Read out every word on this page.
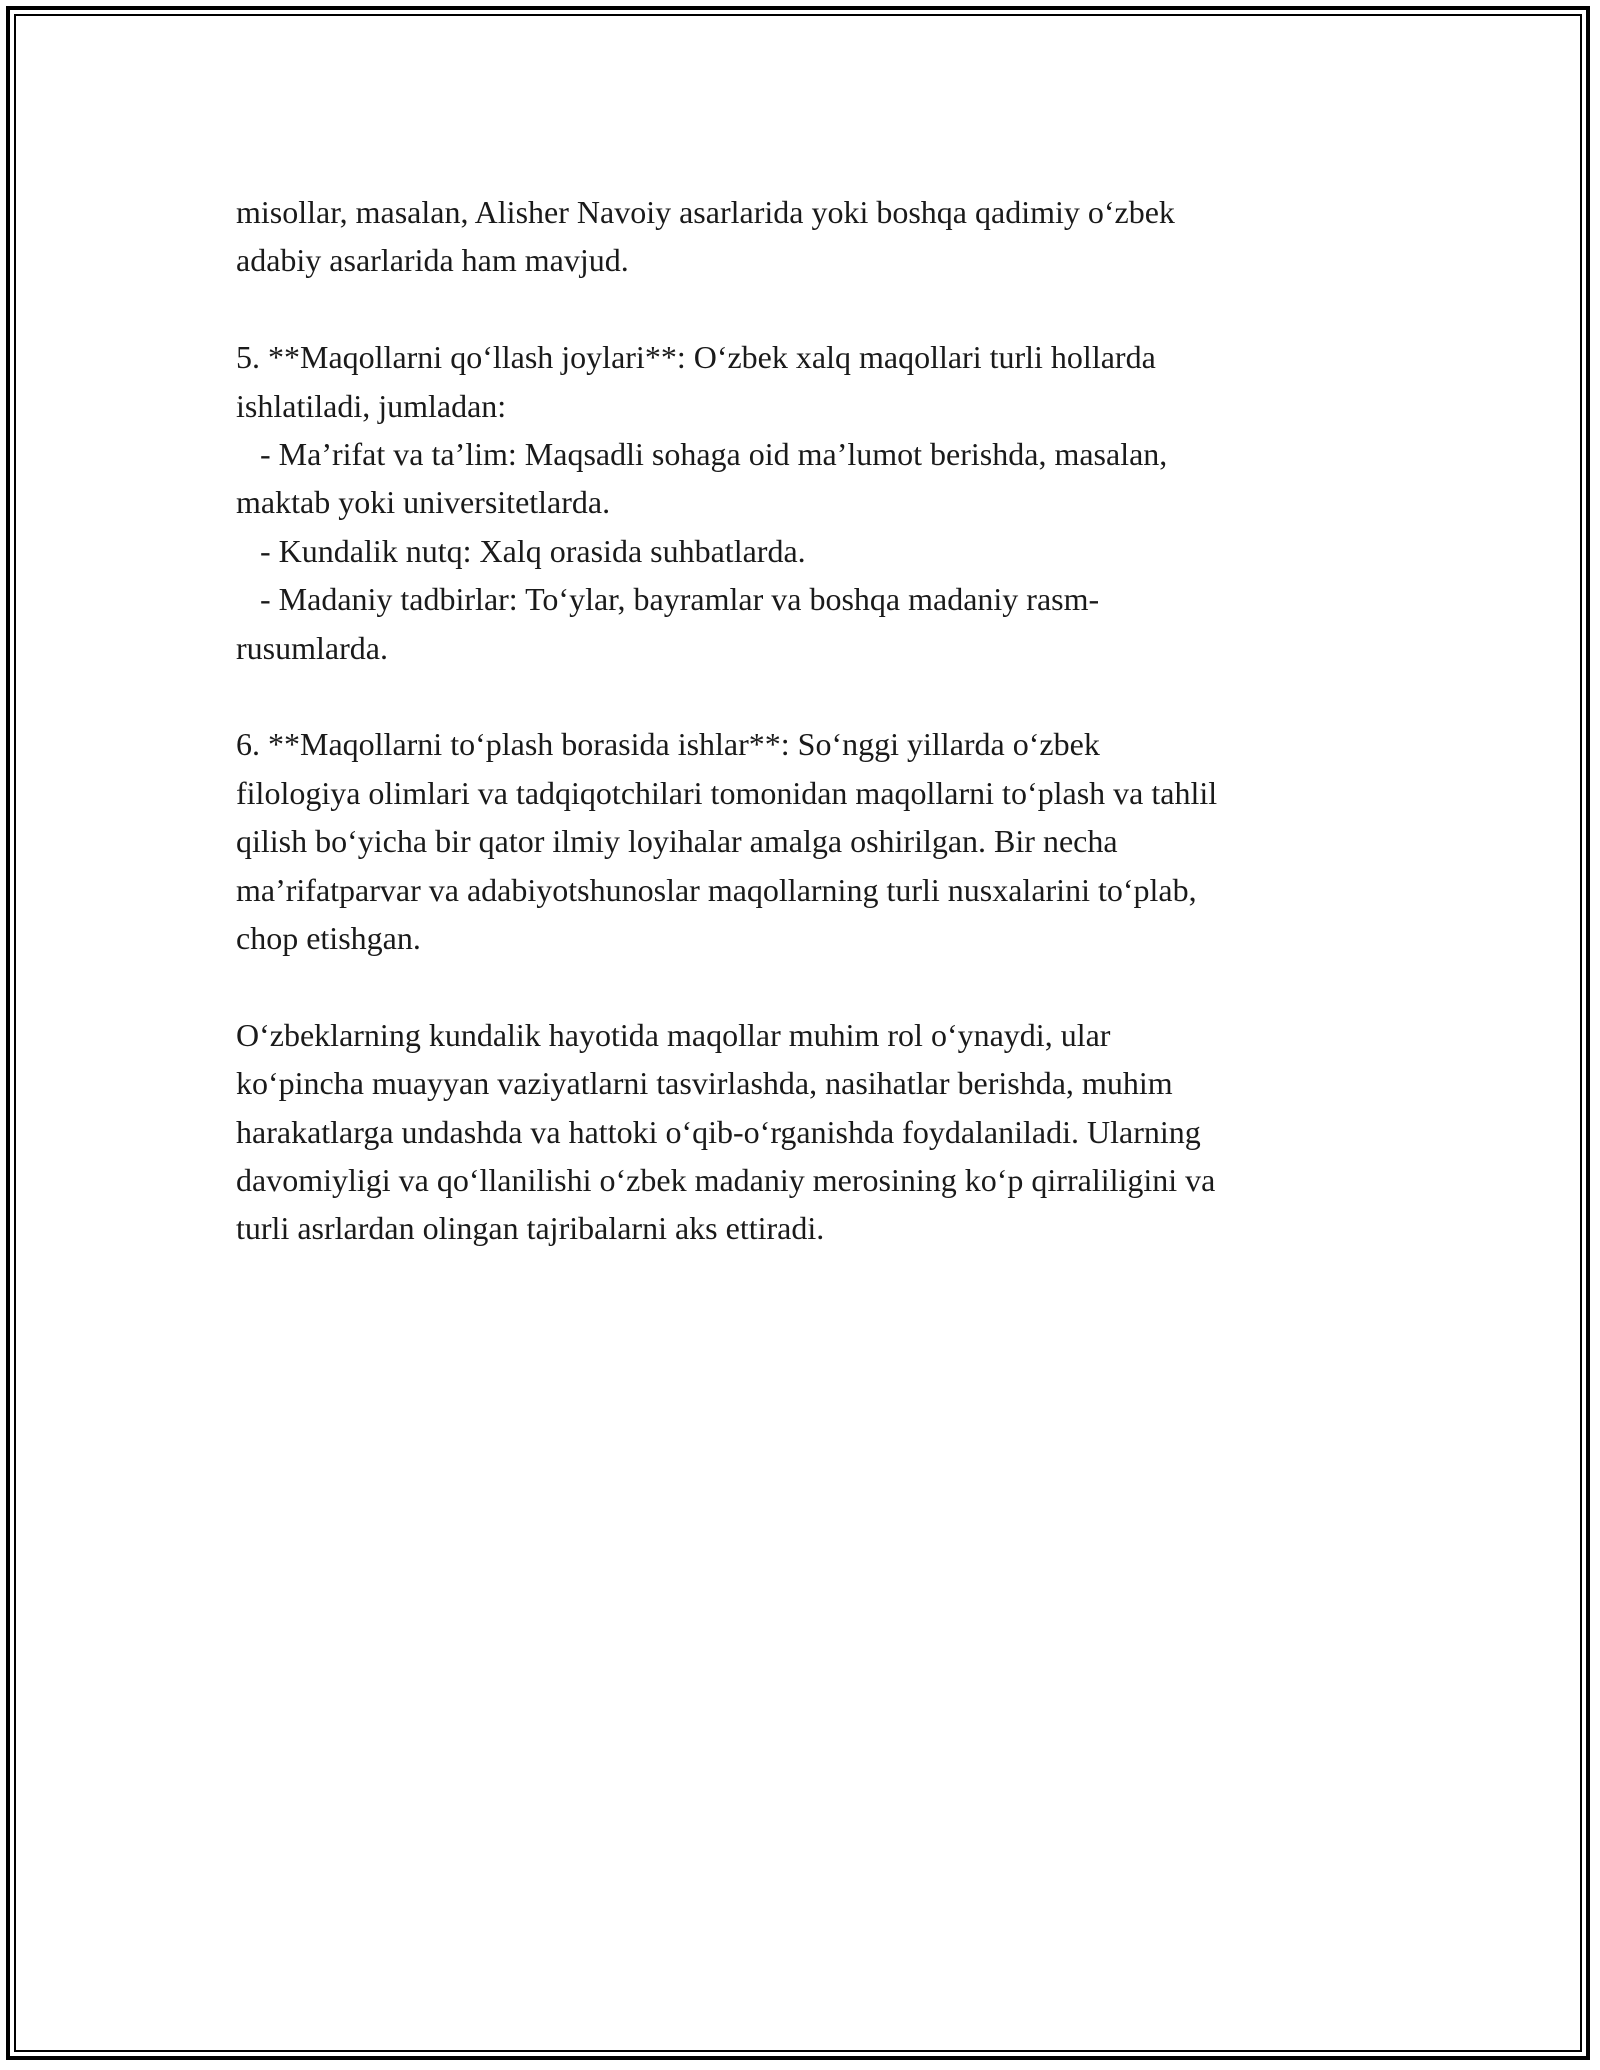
misollar, masalan, Alisher Navoiy asarlarida yoki boshqa qadimiy o‘zbek
adabiy asarlarida ham mavjud.

5. **Maqollarni qo‘llash joylari**: O‘zbek xalq maqollari turli hollarda
ishlatiladi, jumladan:
- Ma’rifat va ta’lim: Maqsadli sohaga oid ma’lumot berishda, masalan,
maktab yoki universitetlarda.
- Kundalik nutq: Xalq orasida suhbatlarda.
- Madaniy tadbirlar: To‘ylar, bayramlar va boshqa madaniy rasm-
rusumlarda.

6. **Maqollarni to‘plash borasida ishlar**: So‘nggi yillarda o‘zbek
filologiya olimlari va tadqiqotchilari tomonidan maqollarni to‘plash va tahlil
qilish bo‘yicha bir qator ilmiy loyihalar amalga oshirilgan. Bir necha
ma’rifatparvar va adabiyotshunoslar maqollarning turli nusxalarini to‘plab,
chop etishgan.

O‘zbeklarning kundalik hayotida maqollar muhim rol o‘ynaydi, ular
ko‘pincha muayyan vaziyatlarni tasvirlashda, nasihatlar berishda, muhim
harakatlarga undashda va hattoki o‘qib-o‘rganishda foydalaniladi. Ularning
davomiyligi va qo‘llanilishi o‘zbek madaniy merosining ko‘p qirraliligini va
turli asrlardan olingan tajribalarni aks ettiradi.
